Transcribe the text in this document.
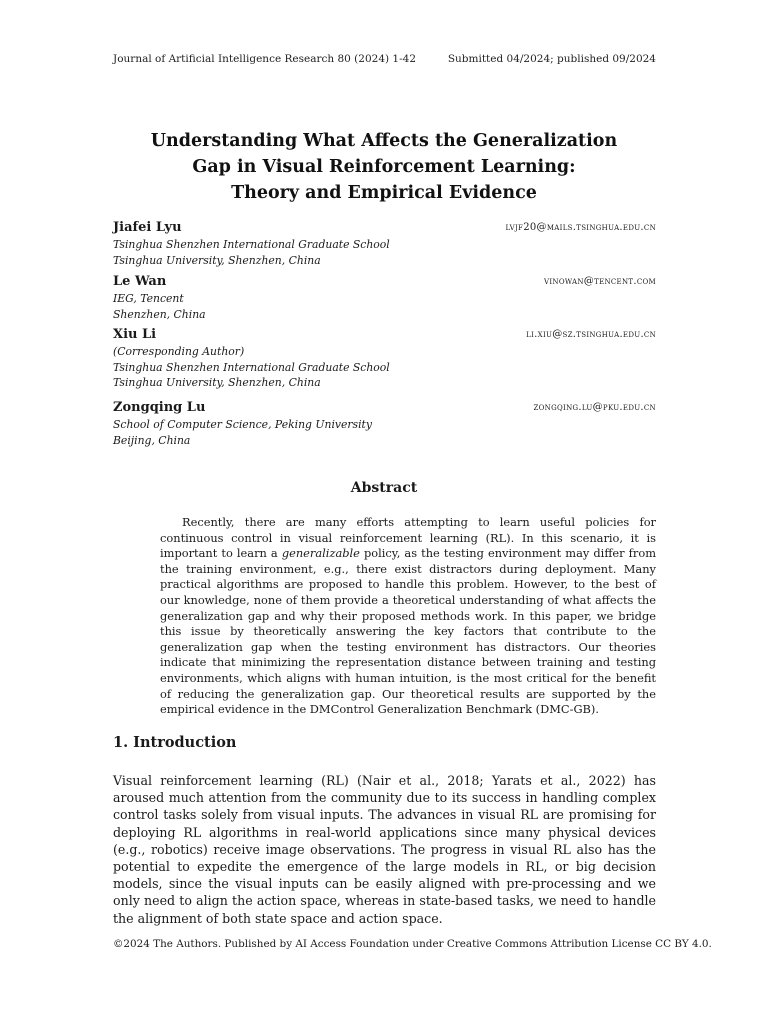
Journal of Artificial Intelligence Research 80 (2024) 1-42	Submitted 04/2024; published 09/2024
Understanding What Affects the Generalization
Gap in Visual Reinforcement Learning:
Theory and Empirical Evidence
Jiafei Lyu	lvjf20@mails.tsinghua.edu.cn
Tsinghua Shenzhen International Graduate School
Tsinghua University, Shenzhen, China
Le Wan	vinowan@tencent.com
IEG, Tencent
Shenzhen, China
Xiu Li	li.xiu@sz.tsinghua.edu.cn
(Corresponding Author)
Tsinghua Shenzhen International Graduate School
Tsinghua University, Shenzhen, China
Zongqing Lu	zongqing.lu@pku.edu.cn
School of Computer Science, Peking University
Beijing, China
Abstract
Recently, there are many efforts attempting to learn useful policies for continuous control in visual reinforcement learning (RL). In this scenario, it is important to learn a generalizable policy, as the testing environment may differ from the training environment, e.g., there exist distractors during deployment. Many practical algorithms are proposed to handle this problem. However, to the best of our knowledge, none of them provide a theoretical understanding of what affects the generalization gap and why their proposed methods work. In this paper, we bridge this issue by theoretically answering the key factors that contribute to the generalization gap when the testing environment has distractors. Our theories indicate that minimizing the representation distance between training and testing environments, which aligns with human intuition, is the most critical for the benefit of reducing the generalization gap. Our theoretical results are supported by the empirical evidence in the DMControl Generalization Benchmark (DMC-GB).
1. Introduction
Visual reinforcement learning (RL) (Nair et al., 2018; Yarats et al., 2022) has aroused much attention from the community due to its success in handling complex control tasks solely from visual inputs. The advances in visual RL are promising for deploying RL algorithms in real-world applications since many physical devices (e.g., robotics) receive image observations. The progress in visual RL also has the potential to expedite the emergence of the large models in RL, or big decision models, since the visual inputs can be easily aligned with pre-processing and we only need to align the action space, whereas in state-based tasks, we need to handle the alignment of both state space and action space.
©2024 The Authors. Published by AI Access Foundation under Creative Commons Attribution License CC BY 4.0.
